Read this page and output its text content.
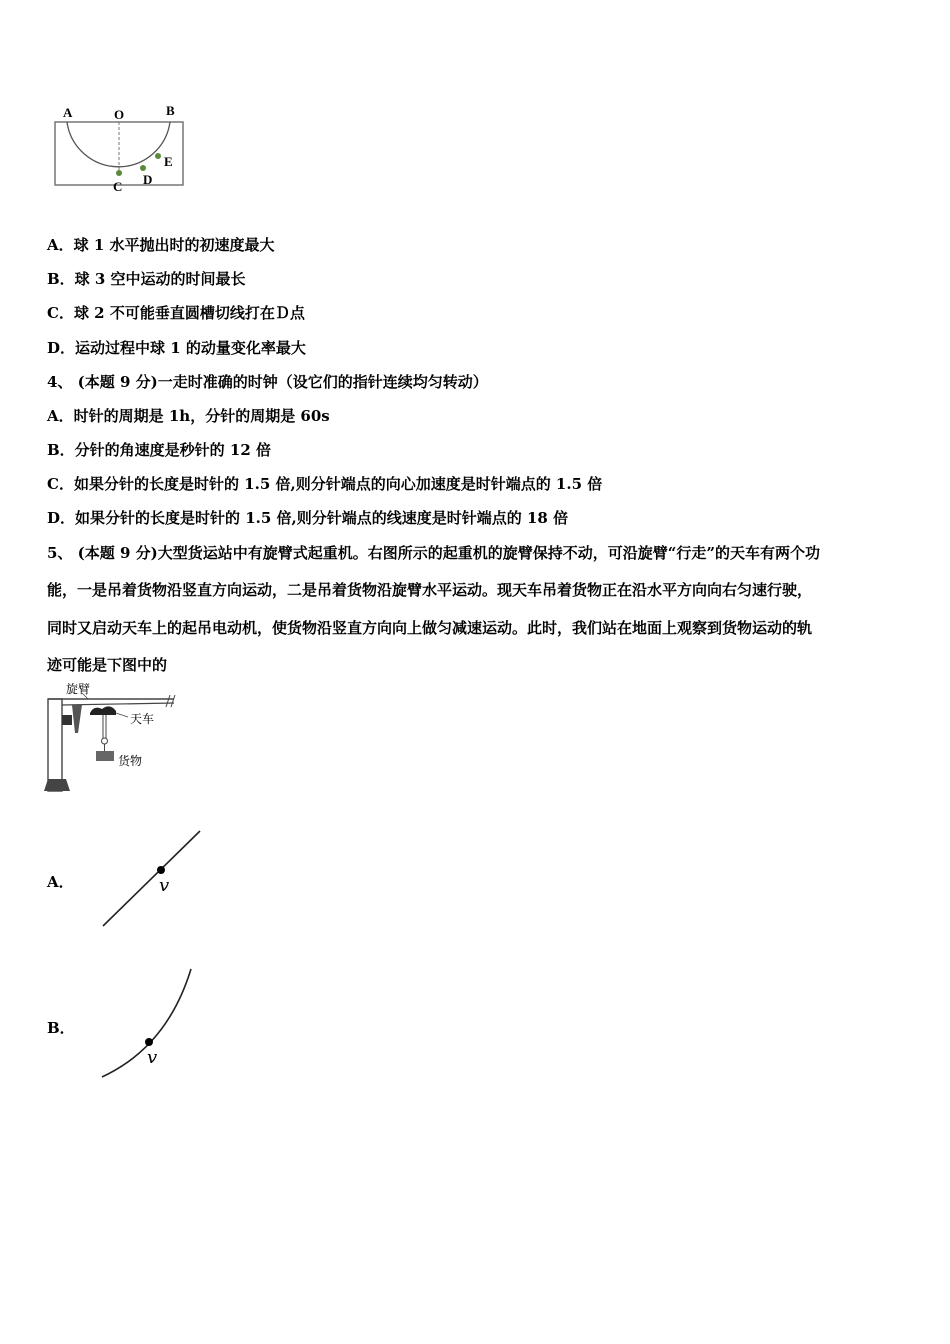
A	O	B
C D
E
A．球 1 水平抛出时的初速度最大
B．球 3 空中运动的时间最长
C．球 2 不可能垂直圆槽切线打在Ｄ点
D．运动过程中球 1 的动量变化率最大
4、 (本题 9 分)一走时准确的时钟（设它们的指针连续均匀转动）
A．时针的周期是 1h，分针的周期是 60s
B．分针的角速度是秒针的 12 倍
C．如果分针的长度是时针的 1.5 倍,则分针端点的向心加速度是时针端点的 1.5 倍
D．如果分针的长度是时针的 1.5 倍,则分针端点的线速度是时针端点的 18 倍
5、 (本题 9 分)大型货运站中有旋臂式起重机。右图所示的起重机的旋臂保持不动，可沿旋臂“行走”的天车有两个功
能，一是吊着货物沿竖直方向运动，二是吊着货物沿旋臂水平运动。现天车吊着货物正在沿水平方向向右匀速行驶，
同时又启动天车上的起吊电动机，使货物沿竖直方向向上做匀减速运动。此时，我们站在地面上观察到货物运动的轨
迹可能是下图中的
旋臂
天车
货物
A．	v
B．
v
